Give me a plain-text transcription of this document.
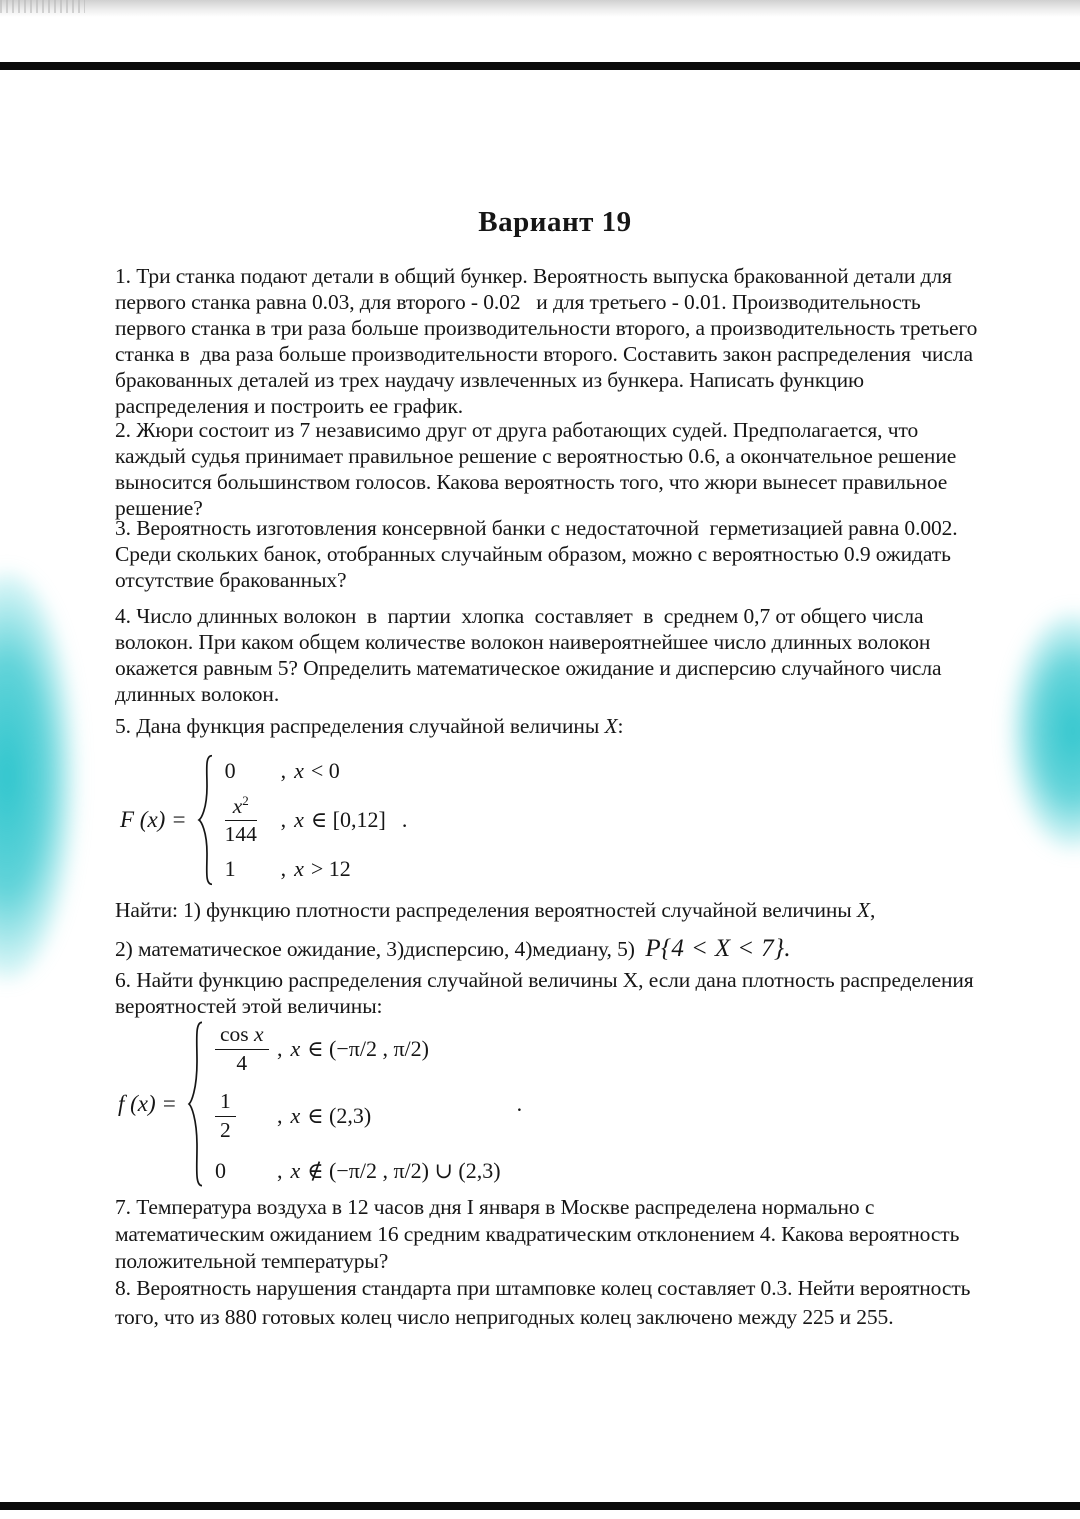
Вариант 19
1. Три станка подают детали в общий бункер. Вероятность выпуска бракованной детали для
первого станка равна 0.03, для второго - 0.02   и для третьего - 0.01. Производительность
первого станка в три раза больше производительности второго, а производительность третьего
станка в  два раза больше производительности второго. Составить закон распределения  числа
бракованных деталей из трех наудачу извлеченных из бункера. Написать функцию
распределения и построить ее график.
2. Жюри состоит из 7 независимо друг от друга работающих судей. Предполагается, что
каждый судья принимает правильное решение с вероятностью 0.6, а окончательное решение
выносится большинством голосов. Какова вероятность того, что жюри вынесет правильное
решение?
3. Вероятность изготовления консервной банки с недостаточной  герметизацией равна 0.002.
Среди скольких банок, отобранных случайным образом, можно с вероятностью 0.9 ожидать
отсутствие бракованных?
4. Число длинных волокон  в  партии  хлопка  составляет  в  среднем 0,7 от общего числа
волокон. При каком общем количестве волокон наивероятнейшее число длинных волокон
окажется равным 5? Определить математическое ожидание и дисперсию случайного числа
длинных волокон.
5. Дана функция распределения случайной величины X:
F (x) =
0	, x < 0
$\frac{x^2}{144}$ , x ∈ [0,12]
1	, x > 12
.
Найти: 1) функцию плотности распределения вероятностей случайной величины X,
2) математическое ожидание, 3)дисперсию, 4)медиану, 5)  P{4 < X < 7}.
6. Найти функцию распределения случайной величины X, если дана плотность распределения
вероятностей этой величины:
f (x) =
$\frac{\text{cos x}}{4}$ , x ∈ (−π/2 , π/2)
$\frac{1}{2}$ , x ∈ (2,3)
0	, x ∉ (−π/2 , π/2) ∪ (2,3)
.
7. Температура воздуха в 12 часов дня I января в Москве распределена нормально с
математическим ожиданием 16 средним квадратическим отклонением 4. Какова вероятность
положительной температуры?
8. Вероятность нарушения стандарта при штамповке колец составляет 0.3. Нейти вероятность
того, что из 880 готовых колец число непригодных колец заключено между 225 и 255.
